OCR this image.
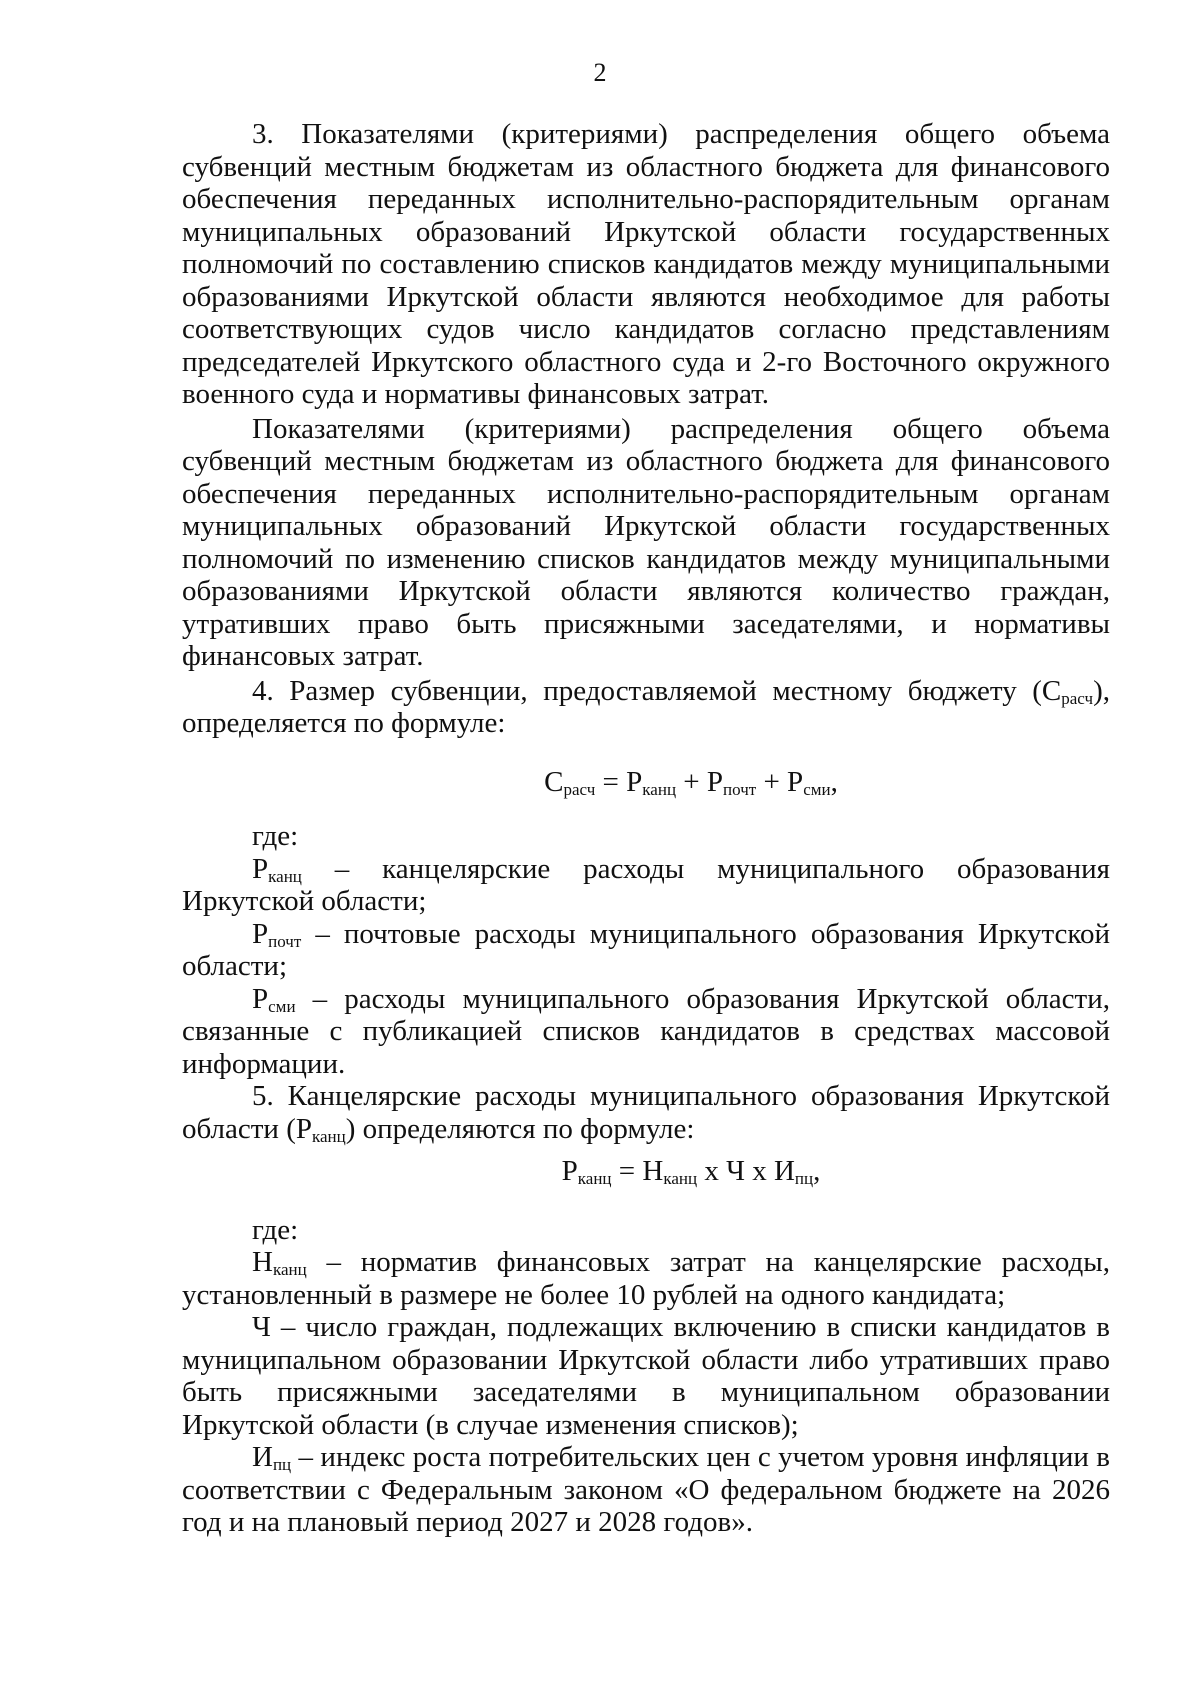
2

3. Показателями (критериями) распределения общего объема субвенций местным бюджетам из областного бюджета для финансового обеспечения переданных исполнительно-распорядительным органам муниципальных образований Иркутской области государственных полномочий по составлению списков кандидатов между муниципальными образованиями Иркутской области являются необходимое для работы соответствующих судов число кандидатов согласно представлениям председателей Иркутского областного суда и 2-го Восточного окружного военного суда и нормативы финансовых затрат.

Показателями (критериями) распределения общего объема субвенций местным бюджетам из областного бюджета для финансового обеспечения переданных исполнительно-распорядительным органам муниципальных образований Иркутской области государственных полномочий по изменению списков кандидатов между муниципальными образованиями Иркутской области являются количество граждан, утративших право быть присяжными заседателями, и нормативы финансовых затрат.

4. Размер субвенции, предоставляемой местному бюджету $(C_{расч})$, определяется по формуле:

$C_{расч} = P_{канц} + P_{почт} + P_{сми}$,

где:

$P_{канц}$ – канцелярские расходы муниципального образования Иркутской области;

$P_{почт}$ – почтовые расходы муниципального образования Иркутской области;

$P_{сми}$ – расходы муниципального образования Иркутской области, связанные с публикацией списков кандидатов в средствах массовой информации.

5. Канцелярские расходы муниципального образования Иркутской области $(P_{канц})$ определяются по формуле:

$P_{канц} = H_{канц}$ х Ч х $И_{пц}$,

где:

$H_{канц}$ – норматив финансовых затрат на канцелярские расходы, установленный в размере не более 10 рублей на одного кандидата;

Ч – число граждан, подлежащих включению в списки кандидатов в муниципальном образовании Иркутской области либо утративших право быть присяжными заседателями в муниципальном образовании Иркутской области (в случае изменения списков);

$И_{пц}$ – индекс роста потребительских цен с учетом уровня инфляции в соответствии с Федеральным законом «О федеральном бюджете на 2026 год и на плановый период 2027 и 2028 годов».
